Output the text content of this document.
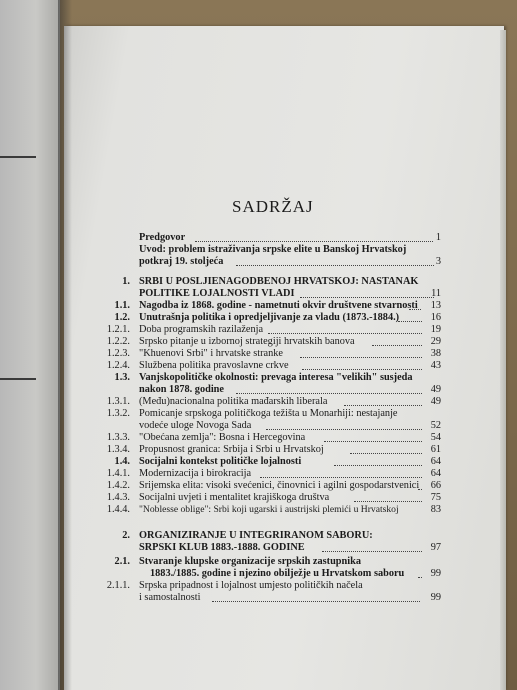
SADRŽAJ
Predgovor	1
Uvod: problem istraživanja srpske elite u Banskoj Hrvatskoj
potkraj 19. stoljeća	3
1. SRBI U POSLJIENAGODBENOJ HRVATSKOJ: NASTANAK
POLITIKE LOJALNOSTI VLADI	11
1.1. Nagodba iz 1868. godine - nametnuti okvir društvene stvarnosti	13
1.2. Unutrašnja politika i opredjeljivanje za vladu (1873.-1884.)	16
1.2.1. Doba programskih razilaženja	19
1.2.2. Srpsko pitanje u izbornoj strategiji hrvatskih banova	29
1.2.3. "Khuenovi Srbi" i hrvatske stranke	38
1.2.4. Službena politika pravoslavne crkve	43
1.3. Vanjskopolitičke okolnosti: prevaga interesa "velikih" susjeda
nakon 1878. godine	49
1.3.1. (Među)nacionalna politika mađarskih liberala	49
1.3.2. Pomicanje srpskoga političkoga težišta u Monarhiji: nestajanje
vodeće uloge Novoga Sada	52
1.3.3. "Obećana zemlja": Bosna i Hercegovina	54
1.3.4. Propusnost granica: Srbija i Srbi u Hrvatskoj	61
1.4. Socijalni kontekst političke lojalnosti	64
1.4.1. Modernizacija i birokracija	64
1.4.2. Srijemska elita: visoki svećenici, činovnici i agilni gospodarstvenici	66
1.4.3. Socijalni uvjeti i mentalitet krajiškoga društva	75
1.4.4. "Noblesse oblige": Srbi koji ugarski i austrijski plemići u Hrvatskoj	83
2. ORGANIZIRANJE U INTEGRIRANOM SABORU:
SRPSKI KLUB 1883.-1888. GODINE	97
2.1. Stvaranje klupske organizacije srpskih zastupnika
1883./1885. godine i njezino obilježje u Hrvatskom saboru	99
2.1.1. Srpska pripadnost i lojalnost umjesto političkih načela
i samostalnosti	99
